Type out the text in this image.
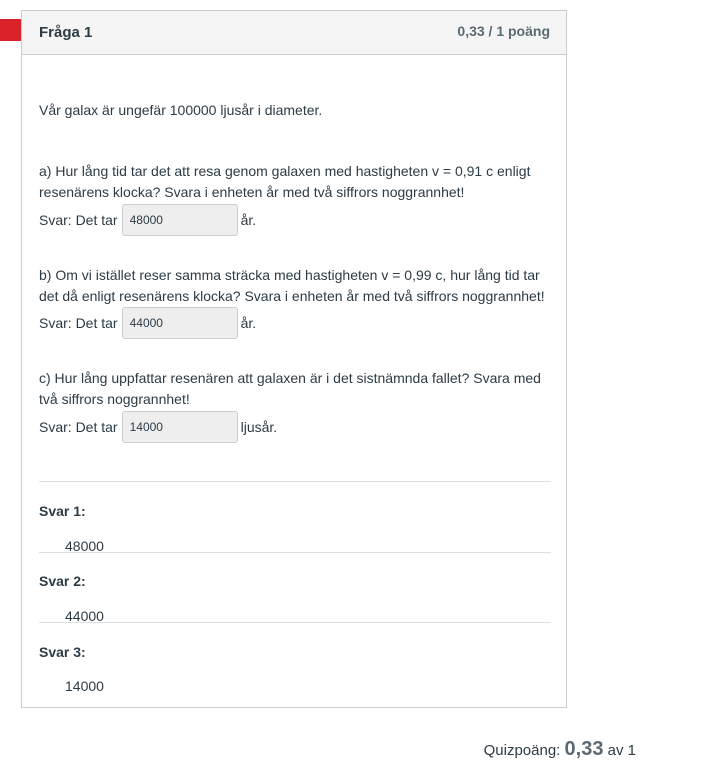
Fråga 1	0,33 / 1 poäng

Vår galax är ungefär 100000 ljusår i diameter.

a) Hur lång tid tar det att resa genom galaxen med hastigheten v = 0,91 c enligt resenärens klocka? Svara i enheten år med två siffrors noggrannhet!

Svar: Det tar
48000	år.

b) Om vi istället reser samma sträcka med hastigheten v = 0,99 c, hur lång tid tar det då enligt resenärens klocka? Svara i enheten år med två siffrors noggrannhet!

Svar: Det tar
44000	år.

c) Hur lång uppfattar resenären att galaxen är i det sistnämnda fallet? Svara med två siffrors noggrannhet!

Svar: Det tar
14000	ljusår.
Svar 1:
48000
Svar 2:
44000
Svar 3:
14000
Quizpoäng: 0,33 av 1
